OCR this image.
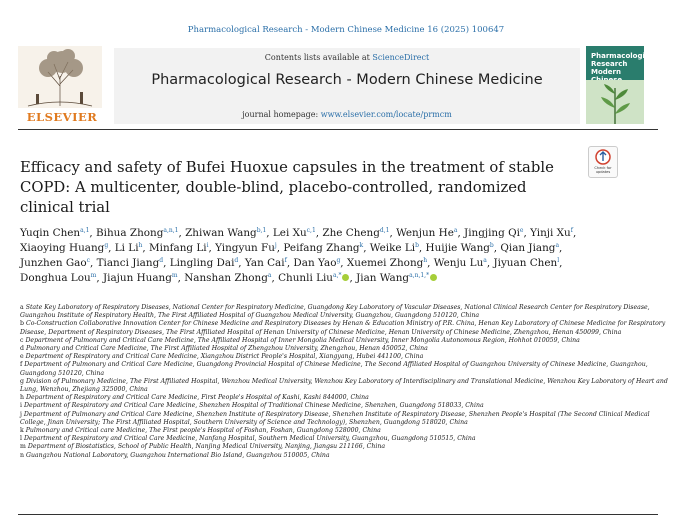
Pharmacological Research - Modern Chinese Medicine 16 (2025) 100647
ELSEVIER
Contents lists available at ScienceDirect
Pharmacological Research - Modern Chinese Medicine
journal homepage: www.elsevier.com/locate/prmcm
Pharmacological Research Modern
Check for updates
Efficacy and safety of Bufei Huoxue capsules in the treatment of stable COPD: A multicenter, double-blind, placebo-controlled, randomized clinical trial
Yuqin Chen$^{a,1}$, Bihua Zhong$^{a,n,1}$, Zhiwan Wang$^{b,1}$, Lei Xu$^{c,1}$, Zhe Cheng$^{d,1}$, Wenjun He$^a$, Jingjing Qi$^e$, Yinji Xu$^f$, Xiaoying Huang$^g$, Li Li$^h$, Minfang Li$^i$, Yingyun Fu$^j$, Peifang Zhang$^k$, Weike Li$^b$, Huijie Wang$^b$, Qian Jiang$^a$, Junzhen Gao$^c$, Tianci Jiang$^d$, Lingling Dai$^d$, Yan Cai$^f$, Dan Yao$^g$, Xuemei Zhong$^h$, Wenju Lu$^a$, Jiyuan Chen$^l$, Donghua Lou$^m$, Jiajun Huang$^m$, Nanshan Zhong$^a$, Chunli Liu$^{a,*}$ , Jian Wang$^{a,n,1,*}$

a State Key Laboratory of Respiratory Diseases, National Center for Respiratory Medicine, Guangdong Key Laboratory of Vascular Diseases, National Clinical Research Center for Respiratory Disease, Guangzhou Institute of Respiratory Health, The First Affiliated Hospital of Guangzhou Medical University, Guangzhou, Guangdong 510120, China

b Co-Construction Collaborative Innovation Center for Chinese Medicine and Respiratory Diseases by Henan & Education Ministry of P.R. China, Henan Key Laboratory of Chinese Medicine for Respiratory Disease, Department of Respiratory Diseases, The First Affiliated Hospital of Henan University of Chinese Medicine, Henan University of Chinese Medicine, Zhengzhou, Henan 450099, China

c Department of Pulmonary and Critical Care Medicine, The Affiliated Hospital of Inner Mongolia Medical University, Inner Mongolia Autonomous Region, Hohhot 010059, China

d Pulmonary and Critical Care Medicine, The First Affiliated Hospital of Zhengzhou University, Zhengzhou, Henan 450052, China

e Department of Respiratory and Critical Care Medicine, Xiangzhou District People's Hospital, Xiangyang, Hubei 441100, China

f Department of Pulmonary and Critical Care Medicine, Guangdong Provincial Hospital of Chinese Medicine, The Second Affiliated Hospital of Guangzhou University of Chinese Medicine, Guangzhou, Guangdong 510120, China

g Division of Pulmonary Medicine, The First Affiliated Hospital, Wenzhou Medical University, Wenzhou Key Laboratory of Interdisciplinary and Translational Medicine, Wenzhou Key Laboratory of Heart and Lung, Wenzhou, Zhejiang 325000, China

h Department of Respiratory and Critical Care Medicine, First People's Hospital of Kashi, Kashi 844000, China

i Department of Respiratory and Critical Care Medicine, Shenzhen Hospital of Traditional Chinese Medicine, Shenzhen, Guangdong 518033, China

j Department of Pulmonary and Critical Care Medicine, Shenzhen Institute of Respiratory Disease, Shenzhen Institute of Respiratory Disease, Shenzhen People's Hospital (The Second Clinical Medical College, Jinan University; The First Affiliated Hospital, Southern University of Science and Technology), Shenzhen, Guangdong 518020, China

k Pulmonary and Critical care Medicine, The First people's Hospital of Foshan, Foshan, Guangdong 528000, China

l Department of Respiratory and Critical Care Medicine, Nanfang Hospital, Southern Medical University, Guangzhou, Guangdong 510515, China

m Department of Biostatistics, School of Public Health, Nanjing Medical University, Nanjing, Jiangsu 211166, China

n Guangzhou National Laboratory, Guangzhou International Bio Island, Guangzhou 510005, China
